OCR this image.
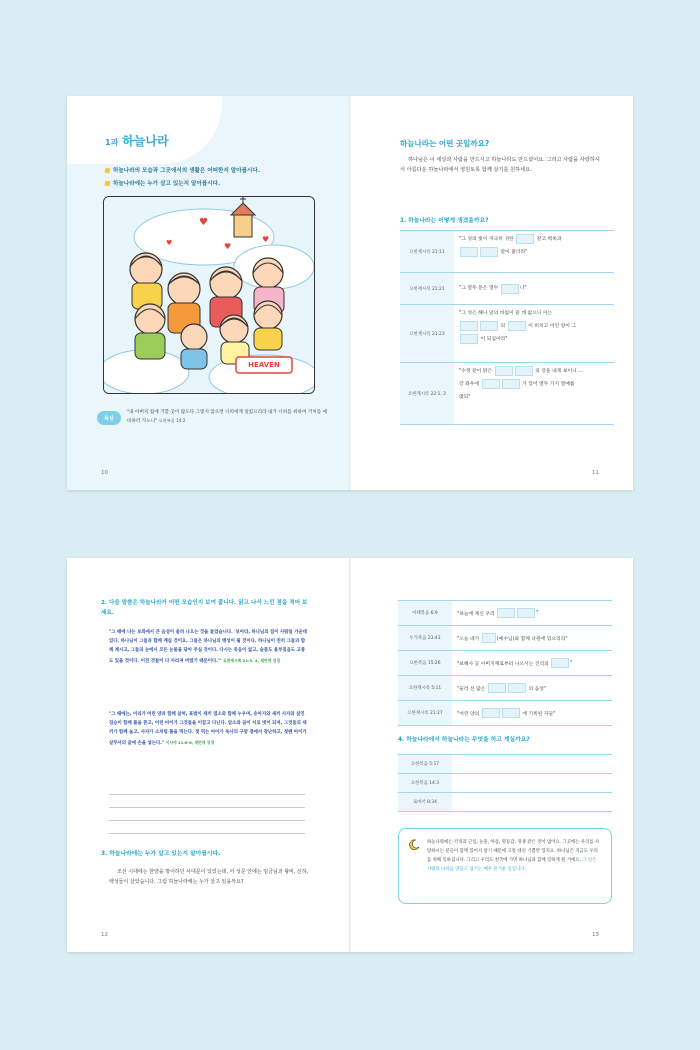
1과 하늘나라
하늘나라의 모습과 그곳에서의 생활은 어떠한지 알아봅시다.
하늘나라에는 누가 살고 있는지 알아봅시다.
♥
♥
♥
♥
HEAVEN
묵상
"내 아버지 집에 거할 곳이 많도다 그렇지 않으면 너희에게 일렀으리라 내가 너희를 위하여 거처를 예비하러 가노니" 요한복음 14:2
10
하늘나라는 어떤 곳일까요?
하나님은 이 세상과 사람을 만드시고 하늘나라도 만드셨어요. 그리고 사람을 사랑하셔서 아름다운 하늘나라에서 영원토록 함께 살기를 원하세요.
1. 하늘나라는 어떻게 생겼을까요?
요한계시록 21:11
"그 성의 빛이 지극히 귀한	같고 벽옥과
같이 맑더라"
요한계시록 21:21	"그 열두 문은 열두
	니"
요한계시록 21:23
"그 성은 해나 달의 비침이 쓸 데 없으니 이는
의	이 비치고 어린 양이 그
이 되심이라"
요한계시록 22:1, 2
"수정 같이 맑은	의 강을 내게 보이니 …
강 좌우에	가 있어 열두 가지 열매를
맺되"
11
2. 다음 말씀은 하늘나라가 어떤 모습인지 보여 줍니다. 읽고 나서 느낀 점을 적어 보세요.
"그 때에 나는 보좌에서 큰 음성이 울려 나오는 것을 들었습니다. '보아라, 하나님의 집이 사람들 가운데 있다. 하나님이 그들과 함께 계실 것이요, 그들은 하나님의 백성이 될 것이다. 하나님이 친히 그들과 함께 계시고, 그들의 눈에서 모든 눈물을 닦아 주실 것이다. 다시는 죽음이 없고, 슬픔도 울부짖음도 고통도 있을 것이다. 이전 것들이 다 사라져 버렸기 때문이다.'" 요한계시록 21:3, 4, 새번역 성경
"그 때에는, 이리가 어린 양과 함께 살며, 표범이 새끼 염소와 함께 누우며, 송아지와 새끼 사자와 살진 짐승이 함께 풀을 뜯고, 어린 아이가 그것들을 이끌고 다닌다. 암소와 곰이 서로 벗이 되며, 그것들의 새끼가 함께 눕고, 사자가 소처럼 풀을 먹는다. 젖 먹는 아이가 독사의 구멍 곁에서 장난하고, 젖뗀 아이가 살무사의 굴에 손을 넣는다." 이사야 11:6-8, 새번역 성경
3. 하늘나라에는 누가 살고 있는지 알아봅시다.
조선 시대에는 한양을 방어하던 사대문이 있었는데, 이 성문 안에는 임금님과 왕비, 신하, 백성들이 살았습니다. 그럼 하늘나라에는 누가 살고 있을까요?
12
마태복음 6:9	"하늘에 계신 우리
	"
누가복음 23:43	"오늘 네가
	(예수님)와 함께 낙원에 있으리라"
요한복음 15:26	"보혜사 곧 아버지께로부터 나오시는 진리의
	"
요한계시록 5:11	"둘러 선 많은

	의 음성"
요한계시록 21:27	"어린 양의

	에 기록된 자들"
4. 하늘나라에서 하늘나라는 무엇을 하고 계실까요?
요한복음 5:17
요한복음 14:3
로마서 8:34
하늘나라에는 걱정과 근심, 눈물, 아픔, 열등감, 경쟁 같은 것이 없어요. 그곳에는 우리를 사랑하시는 분들이 함께 있어서 참기 때문에 고통 대신 기쁨만 있지요. 하나님은 지금도 우리를 위해 일하십니다. 그리고 우리도 천국에 가면 하나님과 함께 일하게 될 거예요. 그 일은 사람의 나라를 만들고 섬기는 매우 즐거운 일입니다.
13
